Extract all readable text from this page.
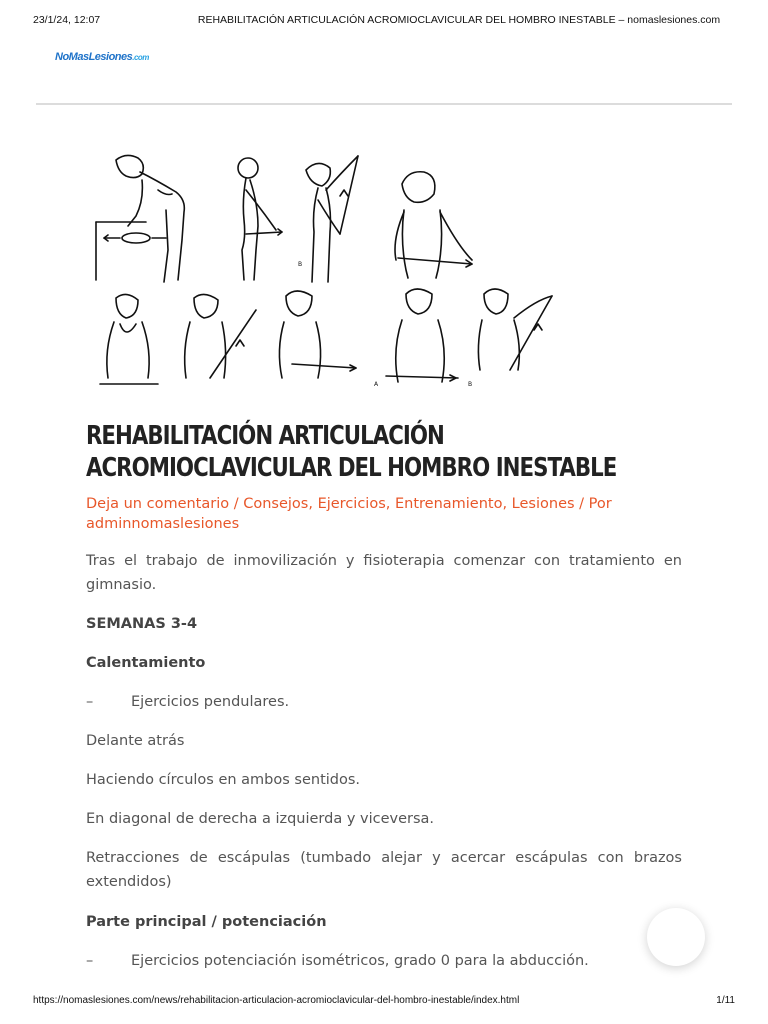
23/1/24, 12:07	REHABILITACIÓN ARTICULACIÓN ACROMIOCLAVICULAR DEL HOMBRO INESTABLE – nomaslesiones.com
NoMasLesiones.com
B
A	B
REHABILITACIÓN ARTICULACIÓN
ACROMIOCLAVICULAR DEL HOMBRO INESTABLE
Deja un comentario / Consejos, Ejercicios, Entrenamiento, Lesiones / Por
adminnomaslesiones

Tras el trabajo de inmovilización y fisioterapia comenzar con tratamiento en gimnasio.

SEMANAS 3-4

Calentamiento

–	Ejercicios pendulares.

Delante atrás

Haciendo círculos en ambos sentidos.

En diagonal de derecha a izquierda y viceversa.

Retracciones de escápulas (tumbado alejar y acercar escápulas con brazos extendidos)

Parte principal / potenciación

–	Ejercicios potenciación isométricos, grado 0 para la abducción.

https://nomaslesiones.com/news/rehabilitacion-articulacion-acromioclavicular-del-hombro-inestable/index.html	1/11
